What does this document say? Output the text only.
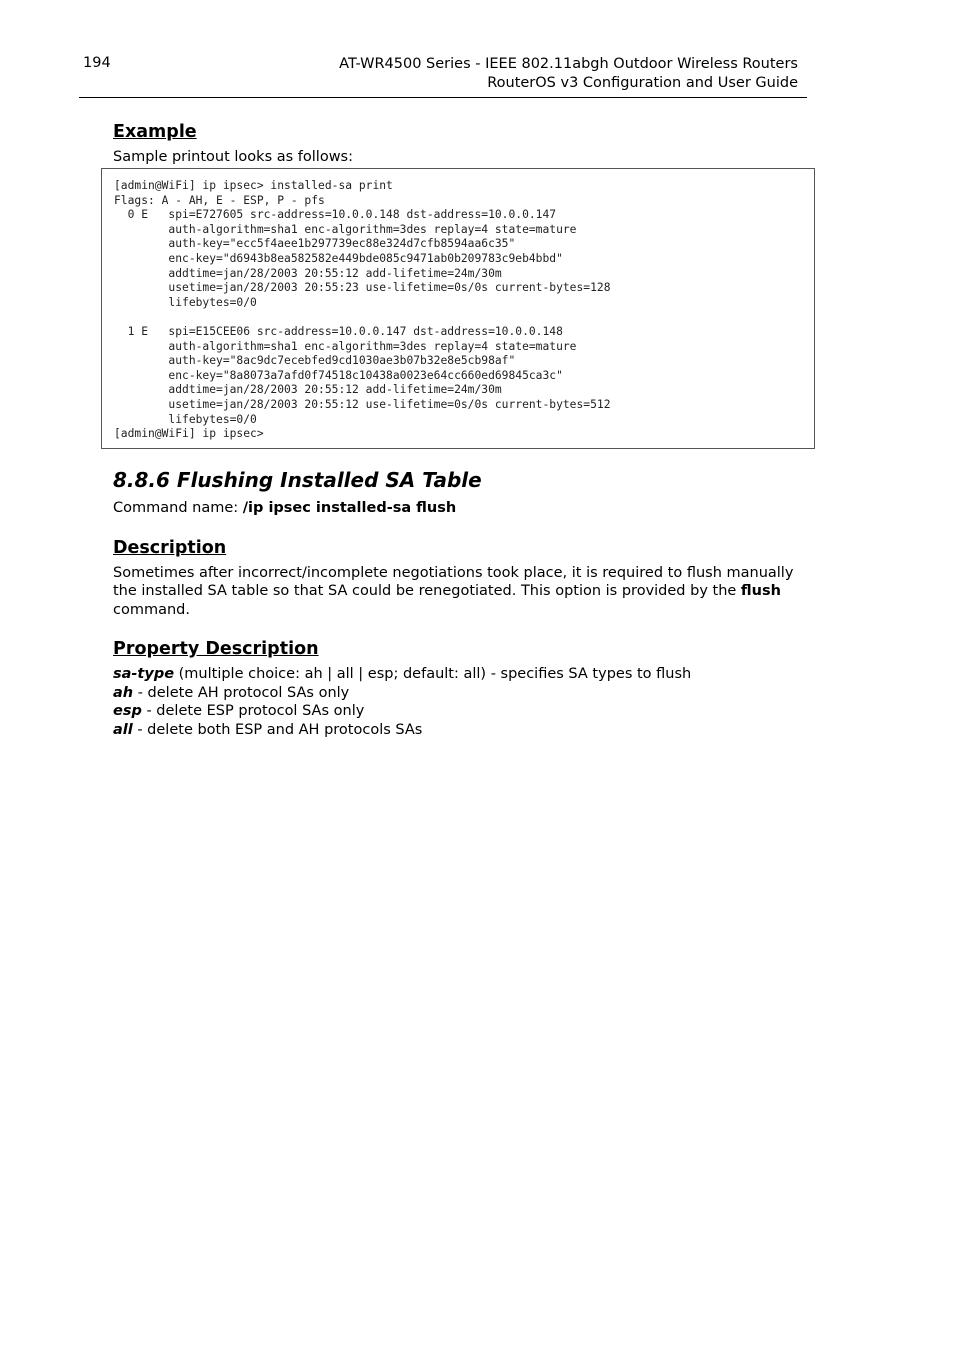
194	AT-WR4500 Series - IEEE 802.11abgh Outdoor Wireless Routers
RouterOS v3 Configuration and User Guide
Example

Sample printout looks as follows:

[admin@WiFi] ip ipsec> installed-sa print
Flags: A - AH, E - ESP, P - pfs
0 E   spi=E727605 src-address=10.0.0.148 dst-address=10.0.0.147
auth-algorithm=sha1 enc-algorithm=3des replay=4 state=mature
auth-key="ecc5f4aee1b297739ec88e324d7cfb8594aa6c35"
enc-key="d6943b8ea582582e449bde085c9471ab0b209783c9eb4bbd"
addtime=jan/28/2003 20:55:12 add-lifetime=24m/30m
usetime=jan/28/2003 20:55:23 use-lifetime=0s/0s current-bytes=128
lifebytes=0/0
1 E   spi=E15CEE06 src-address=10.0.0.147 dst-address=10.0.0.148
auth-algorithm=sha1 enc-algorithm=3des replay=4 state=mature
auth-key="8ac9dc7ecebfed9cd1030ae3b07b32e8e5cb98af"
enc-key="8a8073a7afd0f74518c10438a0023e64cc660ed69845ca3c"
addtime=jan/28/2003 20:55:12 add-lifetime=24m/30m
usetime=jan/28/2003 20:55:12 use-lifetime=0s/0s current-bytes=512
lifebytes=0/0
[admin@WiFi] ip ipsec>
8.8.6 Flushing Installed SA Table

Command name: /ip ipsec installed-sa flush

Description

Sometimes after incorrect/incomplete negotiations took place, it is required to flush manually the installed SA table so that SA could be renegotiated. This option is provided by the flush command.

Property Description
sa-type (multiple choice: ah | all | esp; default: all) - specifies SA types to flush
ah - delete AH protocol SAs only
esp - delete ESP protocol SAs only
all - delete both ESP and AH protocols SAs
